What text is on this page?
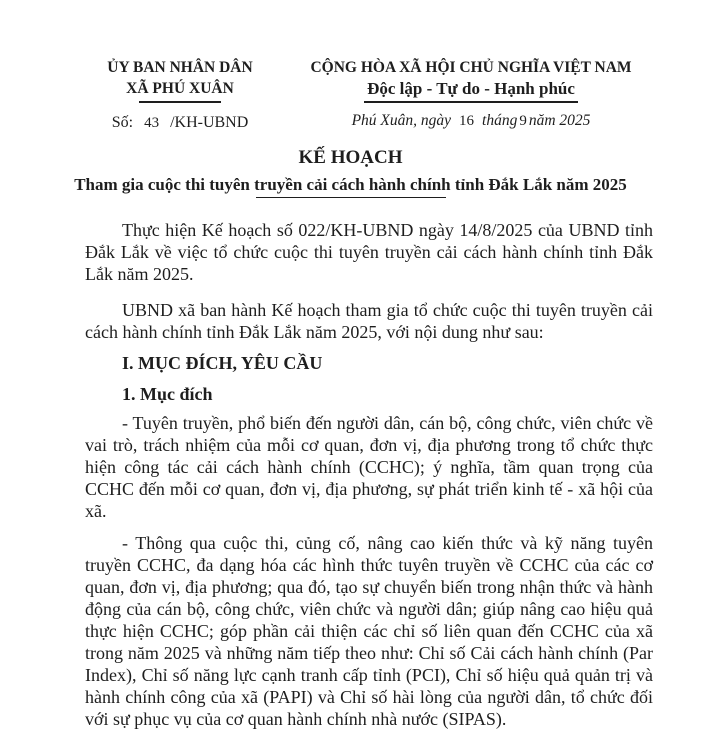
ỦY BAN NHÂN DÂN
XÃ PHÚ XUÂN
Số: 43 /KH-UBND
CỘNG HÒA XÃ HỘI CHỦ NGHĨA VIỆT NAM
Độc lập - Tự do - Hạnh phúc
Phú Xuân, ngày 16 tháng 9 năm 2025
KẾ HOẠCH
Tham gia cuộc thi tuyên truyền cải cách hành chính tỉnh Đắk Lắk năm 2025

Thực hiện Kế hoạch số 022/KH-UBND ngày 14/8/2025 của UBND tỉnh Đắk Lắk về việc tổ chức cuộc thi tuyên truyền cải cách hành chính tỉnh Đắk Lắk năm 2025.

UBND xã ban hành Kế hoạch tham gia tổ chức cuộc thi tuyên truyền cải cách hành chính tỉnh Đắk Lắk năm 2025, với nội dung như sau:

I. MỤC ĐÍCH, YÊU CẦU

1. Mục đích

- Tuyên truyền, phổ biến đến người dân, cán bộ, công chức, viên chức về vai trò, trách nhiệm của mỗi cơ quan, đơn vị, địa phương trong tổ chức thực hiện công tác cải cách hành chính (CCHC); ý nghĩa, tầm quan trọng của CCHC đến mỗi cơ quan, đơn vị, địa phương, sự phát triển kinh tế - xã hội của xã.

- Thông qua cuộc thi, củng cố, nâng cao kiến thức và kỹ năng tuyên truyền CCHC, đa dạng hóa các hình thức tuyên truyền về CCHC của các cơ quan, đơn vị, địa phương; qua đó, tạo sự chuyển biến trong nhận thức và hành động của cán bộ, công chức, viên chức và người dân; giúp nâng cao hiệu quả thực hiện CCHC; góp phần cải thiện các chỉ số liên quan đến CCHC của xã trong năm 2025 và những năm tiếp theo như: Chỉ số Cải cách hành chính (Par Index), Chỉ số năng lực cạnh tranh cấp tỉnh (PCI), Chỉ số hiệu quả quản trị và hành chính công của xã (PAPI) và Chỉ số hài lòng của người dân, tổ chức đối với sự phục vụ của cơ quan hành chính nhà nước (SIPAS).
